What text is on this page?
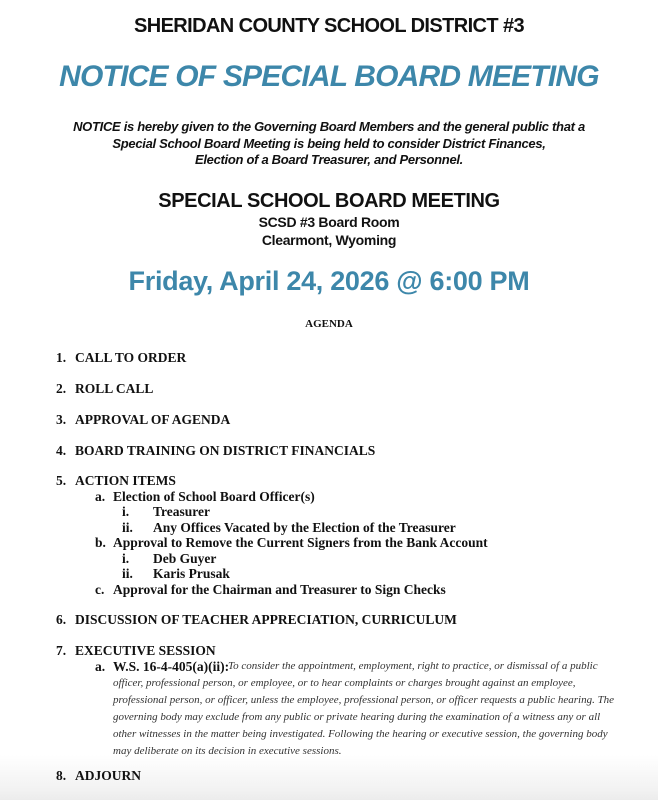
SHERIDAN COUNTY SCHOOL DISTRICT #3
NOTICE OF SPECIAL BOARD MEETING
NOTICE is hereby given to the Governing Board Members and the general public that a
Special School Board Meeting is being held to consider District Finances,
Election of a Board Treasurer, and Personnel.
SPECIAL SCHOOL BOARD MEETING
SCSD #3 Board Room
Clearmont, Wyoming
Friday, April 24, 2026 @ 6:00 PM
AGENDA
1. CALL TO ORDER
2. ROLL CALL
3. APPROVAL OF AGENDA
4. BOARD TRAINING ON DISTRICT FINANCIALS
5. ACTION ITEMS
a. Election of School Board Officer(s)
i. Treasurer
ii. Any Offices Vacated by the Election of the Treasurer
b. Approval to Remove the Current Signers from the Bank Account
i. Deb Guyer
ii. Karis Prusak
c. Approval for the Chairman and Treasurer to Sign Checks
6. DISCUSSION OF TEACHER APPRECIATION, CURRICULUM
7. EXECUTIVE SESSION
a. W.S. 16-4-405(a)(ii):
To consider the appointment, employment, right to practice, or dismissal of a public
officer, professional person, or employee, or to hear complaints or charges brought against an employee,
professional person, or officer, unless the employee, professional person, or officer requests a public hearing. The
governing body may exclude from any public or private hearing during the examination of a witness any or all
other witnesses in the matter being investigated. Following the hearing or executive session, the governing body
may deliberate on its decision in executive sessions.
8. ADJOURN
